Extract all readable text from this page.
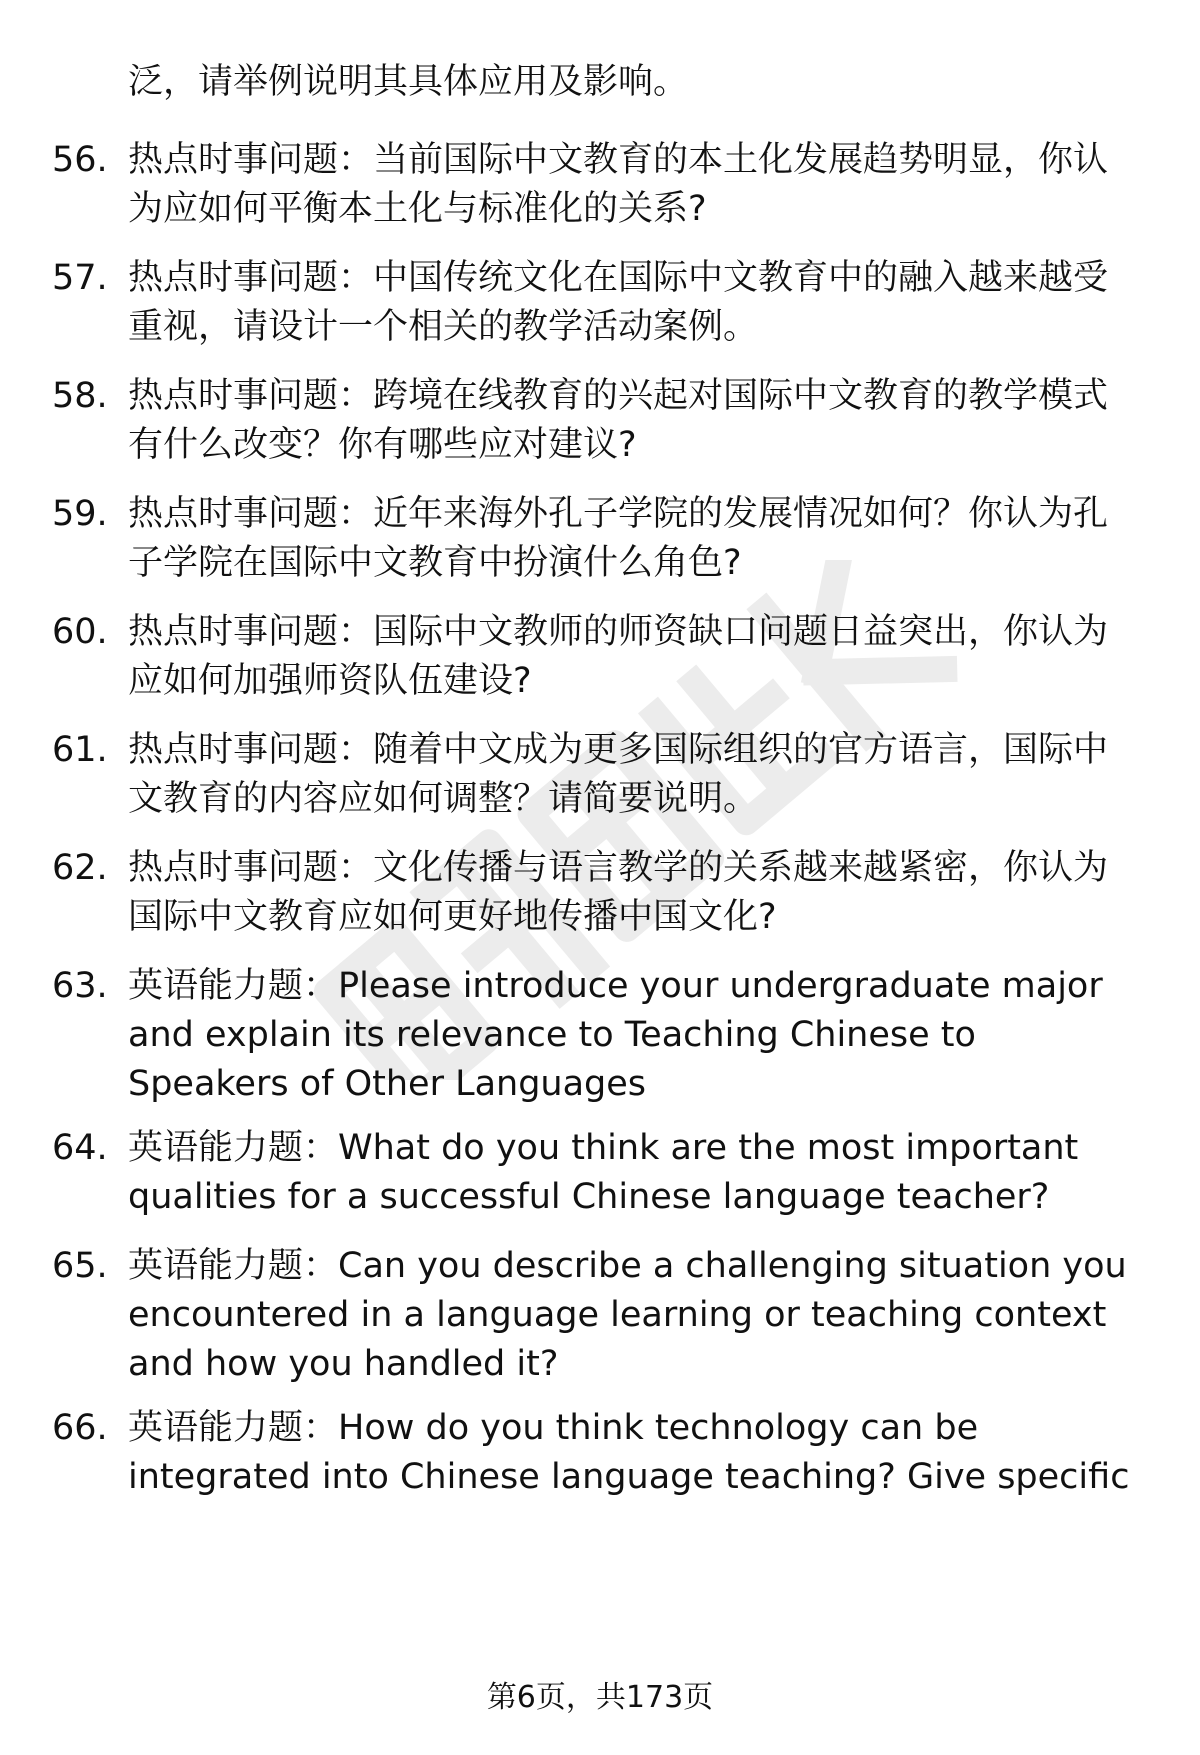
泛，请举例说明其具体应用及影响。
56. 热点时事问题：当前国际中文教育的本土化发展趋势明显，你认为应如何平衡本土化与标准化的关系?
57. 热点时事问题：中国传统文化在国际中文教育中的融入越来越受重视，请设计一个相关的教学活动案例。
58. 热点时事问题：跨境在线教育的兴起对国际中文教育的教学模式有什么改变？你有哪些应对建议?
59. 热点时事问题：近年来海外孔子学院的发展情况如何？你认为孔子学院在国际中文教育中扮演什么角色?
60. 热点时事问题：国际中文教师的师资缺口问题日益突出，你认为应如何加强师资队伍建设?
61. 热点时事问题：随着中文成为更多国际组织的官方语言，国际中文教育的内容应如何调整？请简要说明。
62. 热点时事问题：文化传播与语言教学的关系越来越紧密，你认为国际中文教育应如何更好地传播中国文化?
63. 英语能力题：Please introduce your undergraduate major and explain its relevance to Teaching Chinese to Speakers of Other Languages
64. 英语能力题：What do you think are the most important qualities for a successful Chinese language teacher?
65. 英语能力题：Can you describe a challenging situation you encountered in a language learning or teaching context and how you handled it?
66. 英语能力题：How do you think technology can be integrated into Chinese language teaching? Give specific
第6页，共173页
